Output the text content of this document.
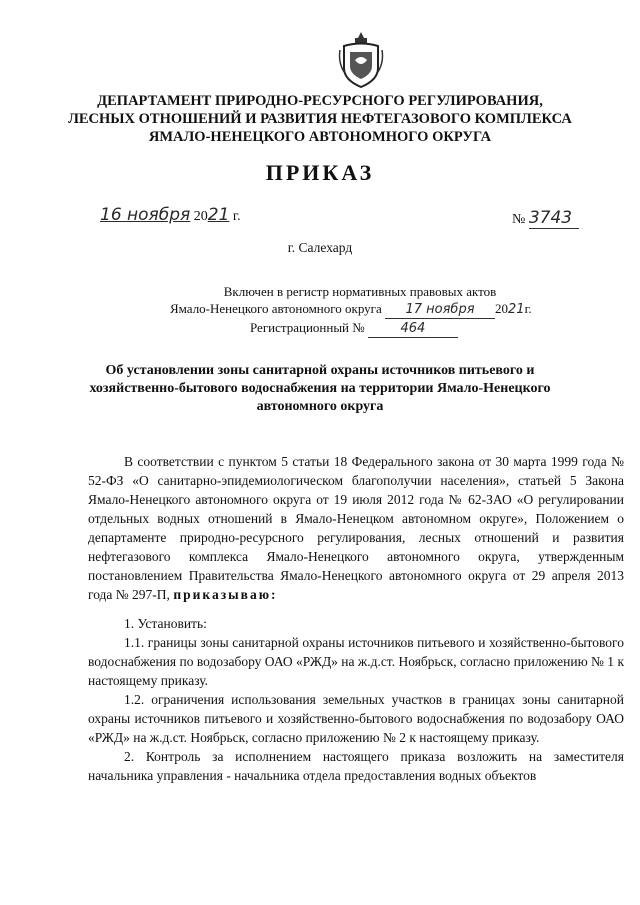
ДЕПАРТАМЕНТ ПРИРОДНО-РЕСУРСНОГО РЕГУЛИРОВАНИЯ,
ЛЕСНЫХ ОТНОШЕНИЙ И РАЗВИТИЯ НЕФТЕГАЗОВОГО КОМПЛЕКСА
ЯМАЛО-НЕНЕЦКОГО АВТОНОМНОГО ОКРУГА
ПРИКАЗ
16 ноября 2021 г.	№ 3743
г. Салехард
Включен в регистр нормативных правовых актов
Ямало-Ненецкого автономного округа 17 ноября 2021г.
Регистрационный №	464
Об установлении зоны санитарной охраны источников питьевого и хозяйственно-бытового водоснабжения на территории Ямало-Ненецкого автономного округа

В соответствии с пунктом 5 статьи 18 Федерального закона от 30 марта 1999 года № 52-ФЗ «О санитарно-эпидемиологическом благополучии населения», статьей 5 Закона Ямало-Ненецкого автономного округа от 19 июля 2012 года № 62-ЗАО «О регулировании отдельных водных отношений в Ямало-Ненецком автономном округе», Положением о департаменте природно-ресурсного регулирования, лесных отношений и развития нефтегазового комплекса Ямало-Ненецкого автономного округа, утвержденным постановлением Правительства Ямало-Ненецкого автономного округа от 29 апреля 2013 года № 297-П, приказываю:

1. Установить:

1.1. границы зоны санитарной охраны источников питьевого и хозяйственно-бытового водоснабжения по водозабору ОАО «РЖД» на ж.д.ст. Ноябрьск, согласно приложению № 1 к настоящему приказу.

1.2. ограничения использования земельных участков в границах зоны санитарной охраны источников питьевого и хозяйственно-бытового водоснабжения по водозабору ОАО «РЖД» на ж.д.ст. Ноябрьск, согласно приложению № 2 к настоящему приказу.

2. Контроль за исполнением настоящего приказа возложить на заместителя начальника управления - начальника отдела предоставления водных объектов
